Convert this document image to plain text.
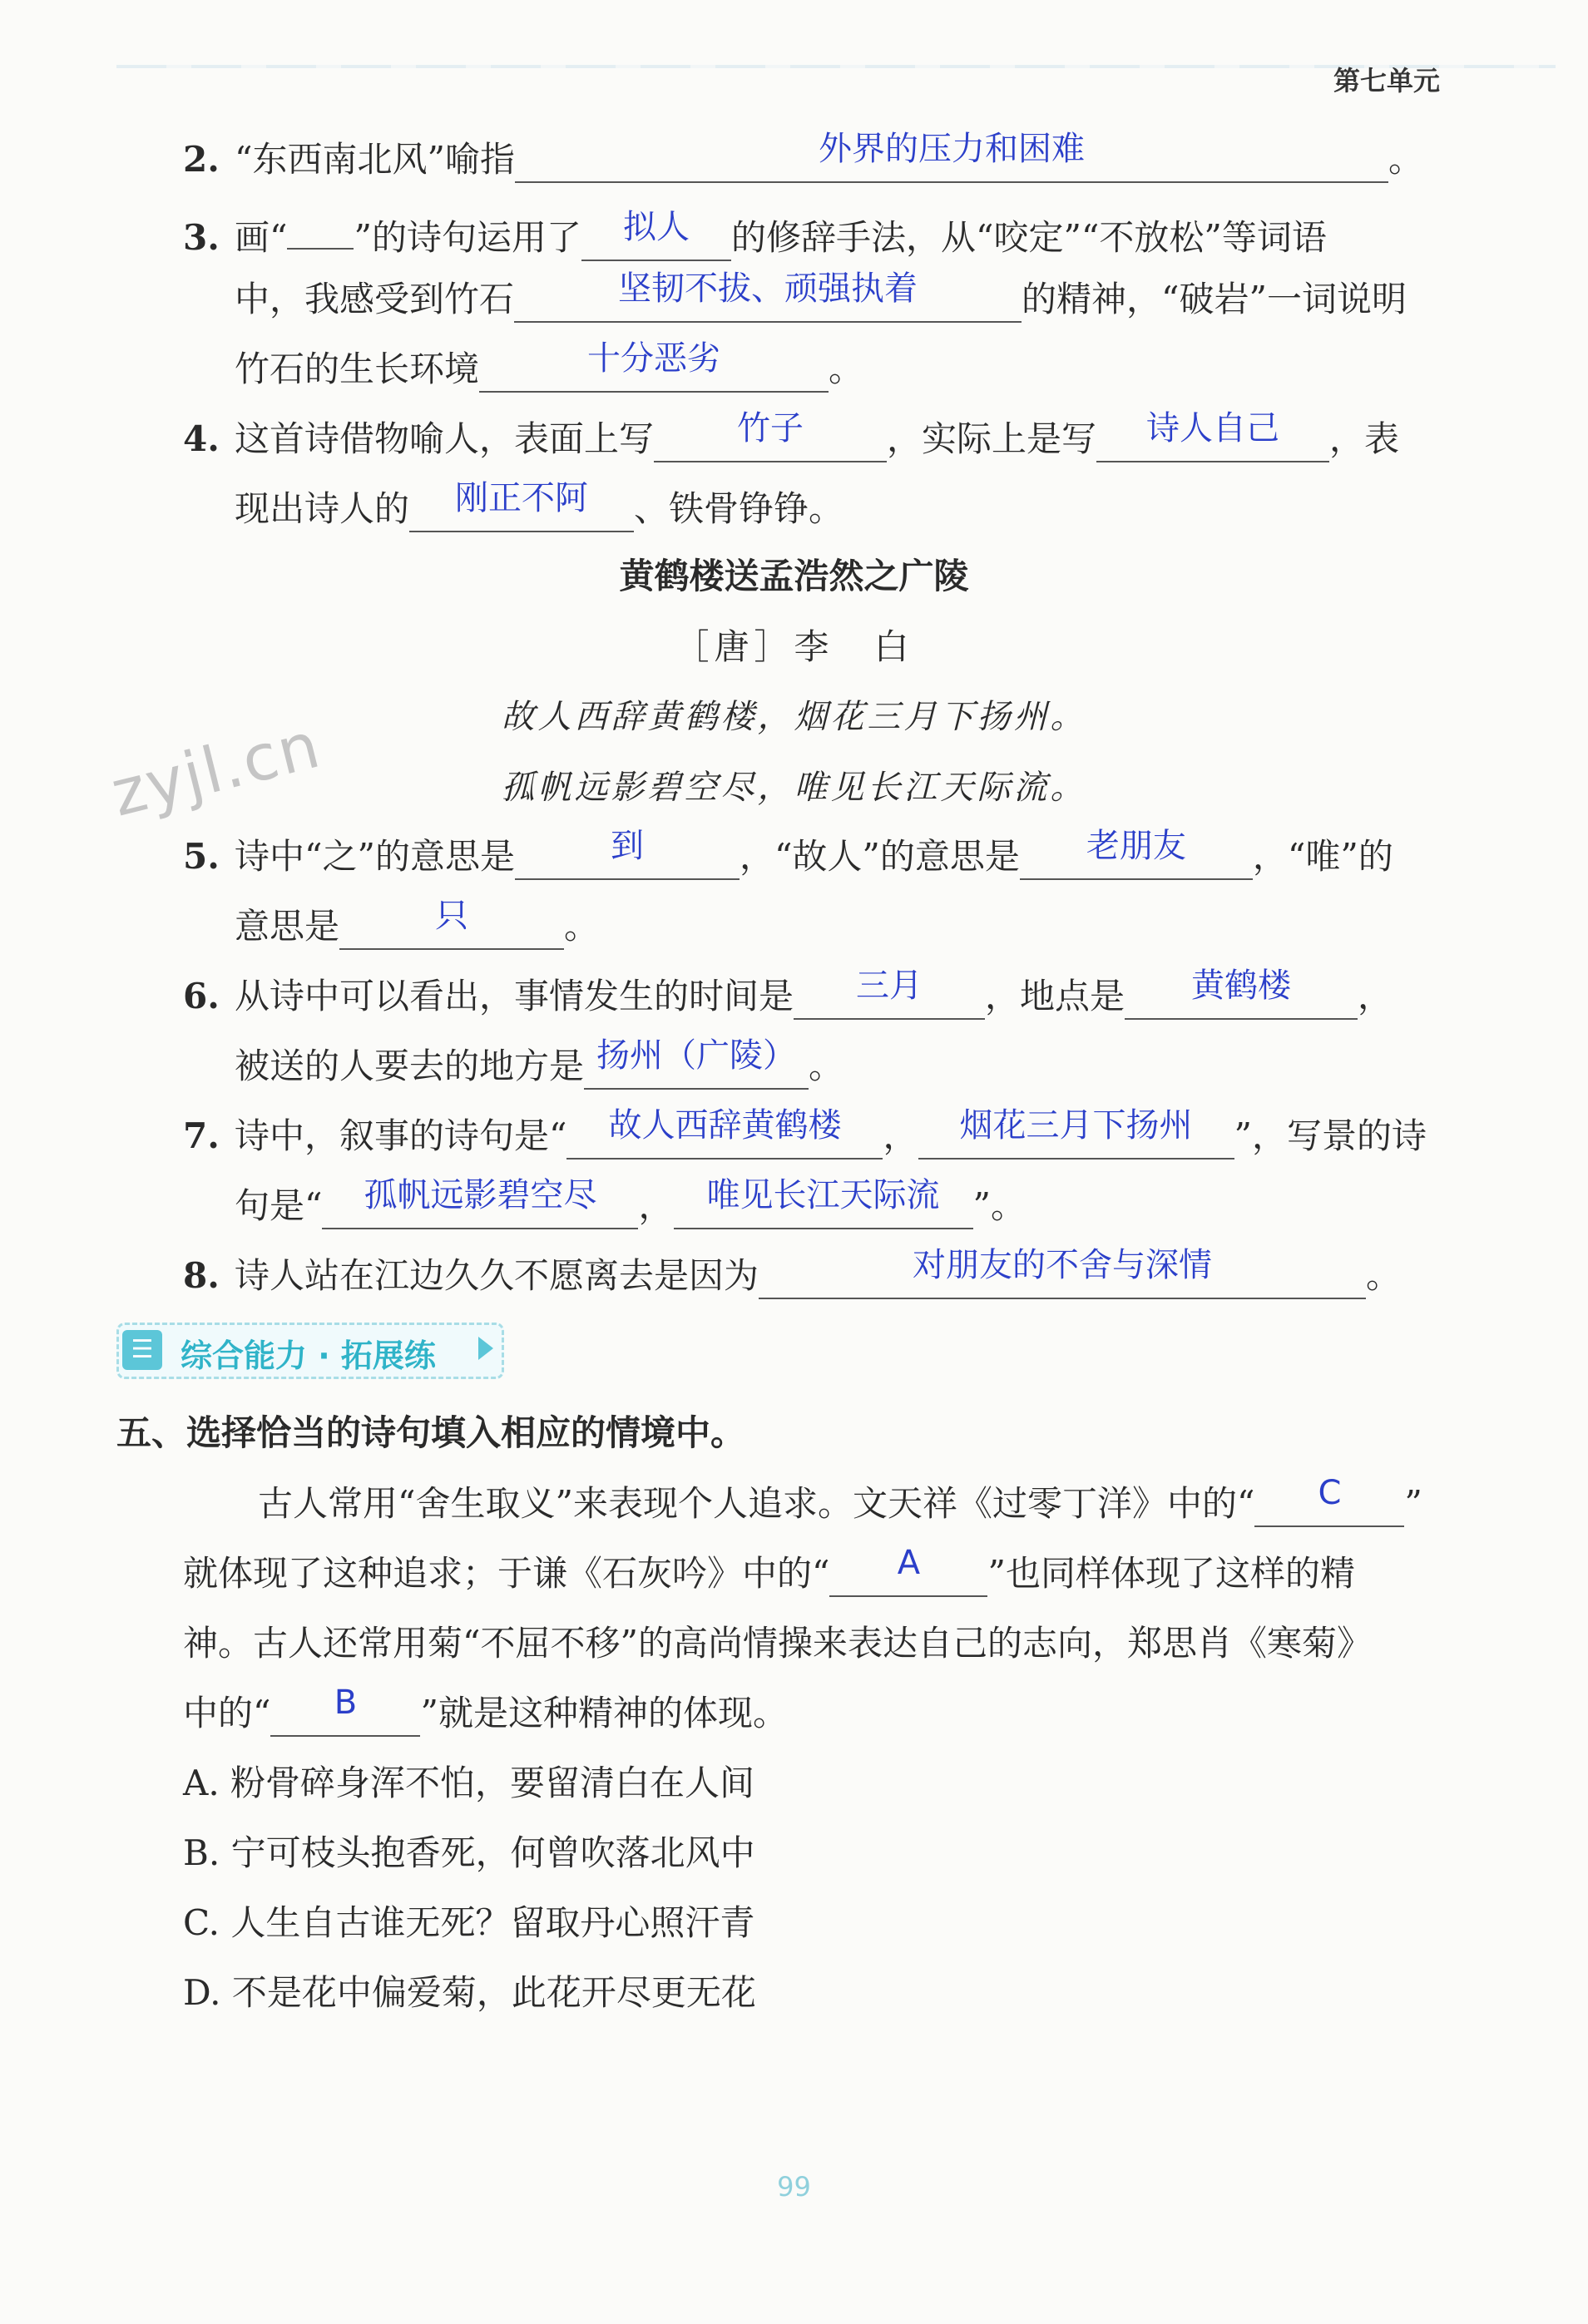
第七单元
2. “东西南北风”喻指	外界的压力和困难	。
3. 画“ ”的诗句运用了 拟人 的修辞手法，从“咬定”“不放松”等词语
中，我感受到竹石	坚韧不拔、顽强执着	的精神，“破岩”一词说明
竹石的生长环境	十分恶劣	。
4. 这首诗借物喻人，表面上写	竹子 ，实际上是写 诗人自己 ，表
现出诗人的 刚正不阿 、铁骨铮铮。
黄鹤楼送孟浩然之广陵
［唐］李　白
故人西辞黄鹤楼，烟花三月下扬州。
孤帆远影碧空尽，唯见长江天际流。
zyjl.cn
5. 诗中“之”的意思是	到	，“故人”的意思是 老朋友 ，“唯”的
意思是	只	。
6. 从诗中可以看出，事情发生的时间是 三月 ，地点是 黄鹤楼 ，
被送的人要去的地方是 扬州（广陵） 。
7. 诗中，叙事的诗句是“ 故人西辞黄鹤楼 ， 烟花三月下扬州 ”，写景的诗
句是“ 孤帆远影碧空尽 ， 唯见长江天际流 ”。
8. 诗人站在江边久久不愿离去是因为	对朋友的不舍与深情	。
☰ 综合能力 · 拓展练
五、选择恰当的诗句填入相应的情境中。
古人常用“舍生取义”来表现个人追求。文天祥《过零丁洋》中的“ C ”
就体现了这种追求；于谦《石灰吟》中的“ A ”也同样体现了这样的精
神。古人还常用菊“不屈不移”的高尚情操来表达自己的志向，郑思肖《寒菊》
中的“ B ”就是这种精神的体现。
A. 粉骨碎身浑不怕，要留清白在人间
B. 宁可枝头抱香死，何曾吹落北风中
C. 人生自古谁无死？留取丹心照汗青
D. 不是花中偏爱菊，此花开尽更无花
99
